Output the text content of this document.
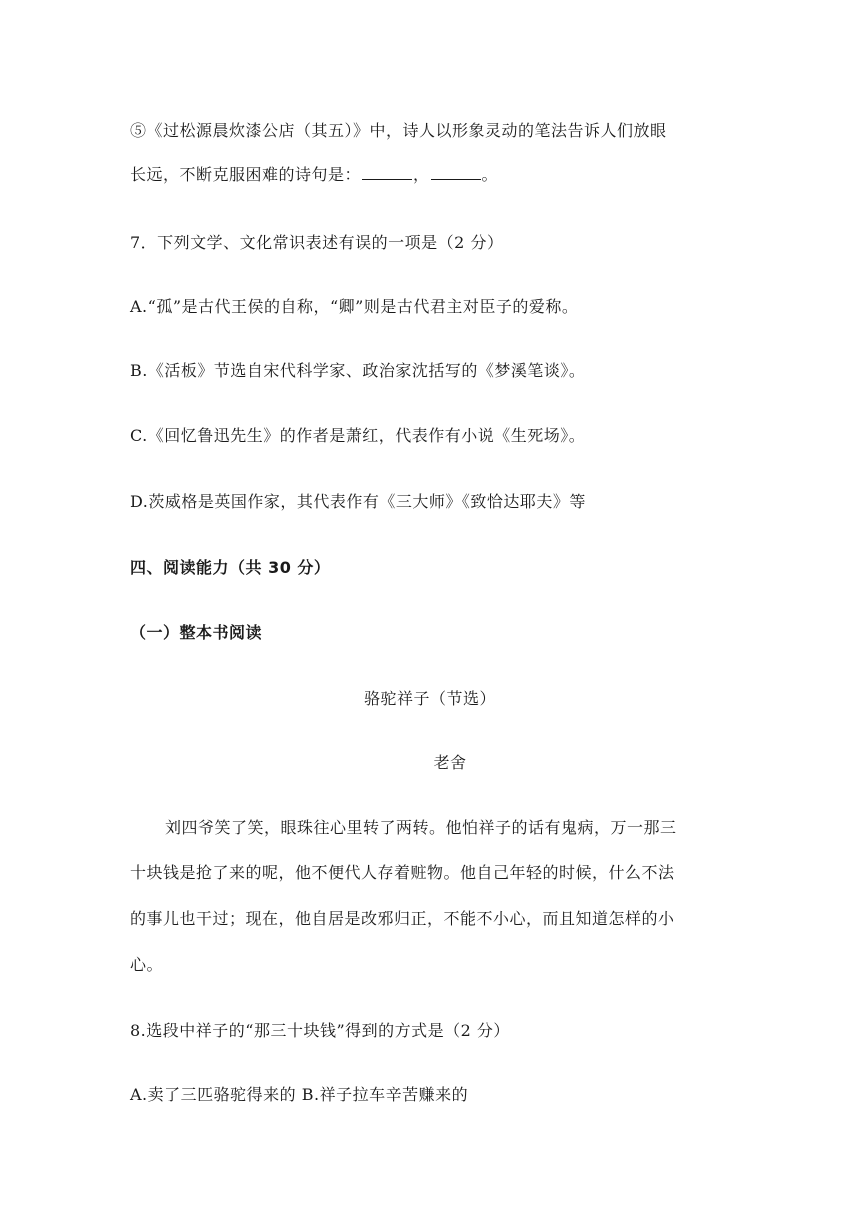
⑤《过松源晨炊漆公店（其五）》中，诗人以形象灵动的笔法告诉人们放眼
长远，不断克服困难的诗句是：	，	。
7．下列文学、文化常识表述有误的一项是（2 分）
A.“孤”是古代王侯的自称，“卿”则是古代君主对臣子的爱称。
B.《活板》节选自宋代科学家、政治家沈括写的《梦溪笔谈》。
C.《回忆鲁迅先生》的作者是萧红，代表作有小说《生死场》。
D.茨威格是英国作家，其代表作有《三大师》《致恰达耶夫》等
四、阅读能力（共 30 分）
（一）整本书阅读
骆驼祥子（节选）
老舍
刘四爷笑了笑，眼珠往心里转了两转。他怕祥子的话有鬼病，万一那三
十块钱是抢了来的呢，他不便代人存着赃物。他自己年轻的时候，什么不法
的事儿也干过；现在，他自居是改邪归正，不能不小心，而且知道怎样的小
心。
8.选段中祥子的“那三十块钱”得到的方式是（2 分）
A.卖了三匹骆驼得来的 B.祥子拉车辛苦赚来的
